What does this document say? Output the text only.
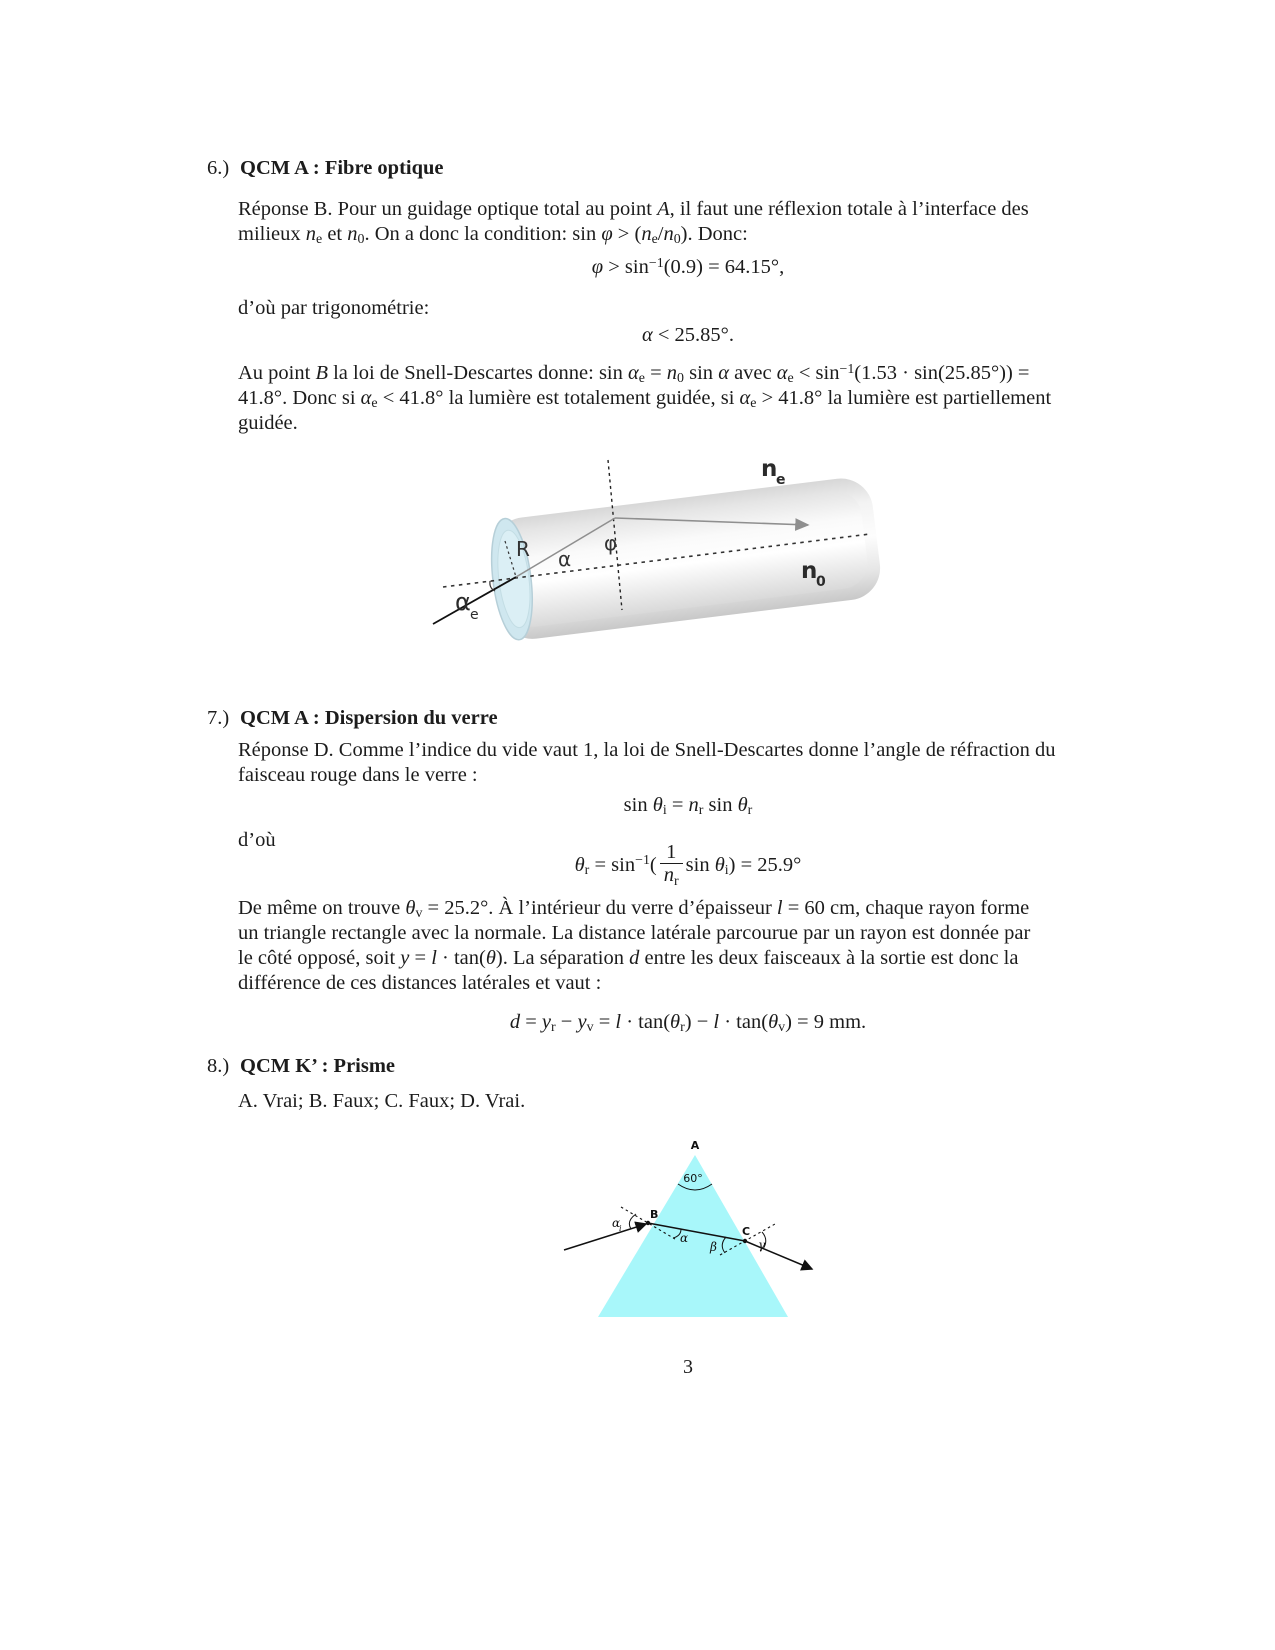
6.) QCM A : Fibre optique
Réponse B. Pour un guidage optique total au point A, il faut une réflexion totale à l’interface des
milieux $n_e$ et $n_0$. On a donc la condition: $\sin \varphi > (n_e/n_0)$. Donc:
$\varphi > \sin^{-1}(0.9) = 64.15^\circ$,
d’où par trigonométrie:
α < 25.85°.
Au point B la loi de Snell-Descartes donne: $\sin \alpha_e = n_0$ sin α avec $\alpha_e < \sin^{-1}(1.53 \cdot \sin(25.85^\circ))$ =
41.8°. Donc si $\alpha_e < 41.8^\circ$ la lumière est totalement guidée, si $\alpha_e > 41.8^\circ$ la lumière est partiellement
guidée.
R α
φ
α e
n
e
n
0
7.) QCM A : Dispersion du verre
Réponse D. Comme l’indice du vide vaut 1, la loi de Snell-Descartes donne l’angle de réfraction du
faisceau rouge dans le verre :
$\sin \theta_i = n_r$ $\sin \theta_r$
d’où
$\theta_r = \sin^{-1}( \frac{1}{n_r}$ $\sin \theta_i) = 25.9^\circ$
De même on trouve $\theta_v = 25.2^\circ$. À l’intérieur du verre d’épaisseur l = 60 cm, chaque rayon forme
un triangle rectangle avec la normale. La distance latérale parcourue par un rayon est donnée par
le côté opposé, soit y = l · tan(θ). La séparation d entre les deux faisceaux à la sortie est donc la
différence de ces distances latérales et vaut :
$d = y_r - y_v = l \cdot \tan(\theta_r) - l \cdot \tan(\theta_v) = 9$ mm.
8.) QCM K’ : Prisme
A. Vrai; B. Faux; C. Faux; D. Vrai.
A
60°
B
C
α
i
α
β	γ
3
